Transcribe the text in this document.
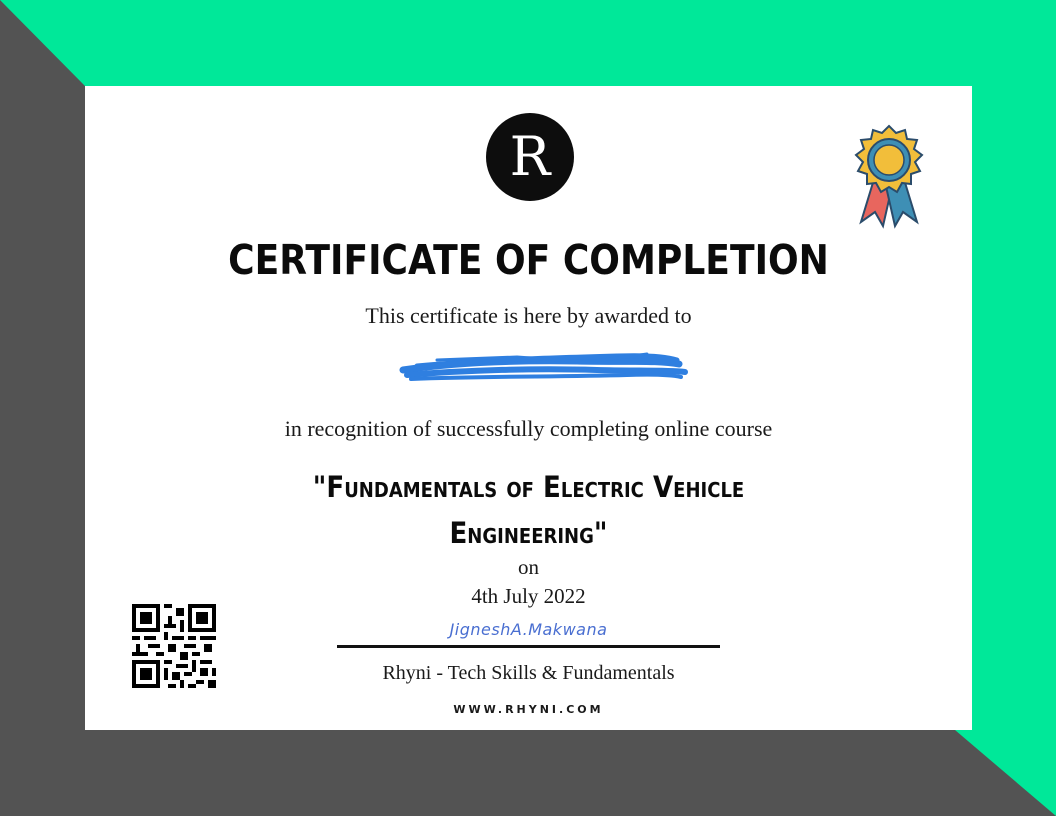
R
CERTIFICATE OF COMPLETION
This certificate is here by awarded to
in recognition of successfully completing online course
"Fundamentals of Electric Vehicle Engineering"
on
4th July 2022
JigneshA.Makwana
Rhyni - Tech Skills & Fundamentals
WWW.RHYNI.COM
